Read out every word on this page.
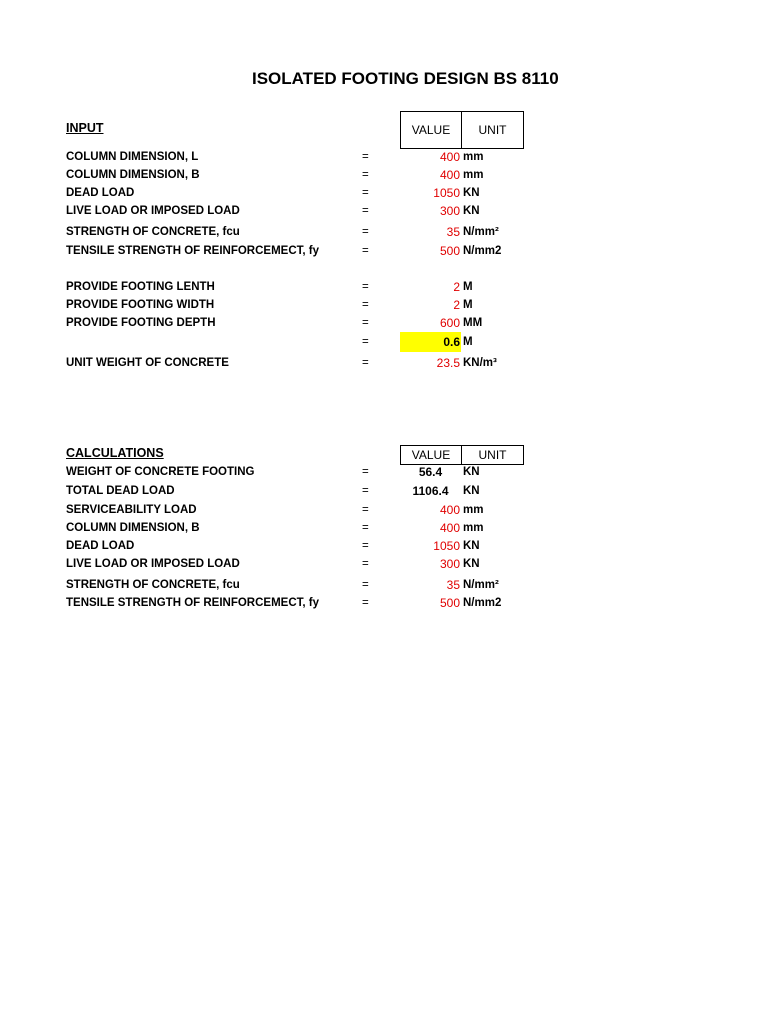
ISOLATED FOOTING DESIGN BS 8110
INPUT	VALUE	UNIT
COLUMN DIMENSION, L	=	400 mm
COLUMN DIMENSION, B	=	400 mm
DEAD LOAD	=	1050 KN
LIVE LOAD OR IMPOSED LOAD	=	300 KN
STRENGTH OF CONCRETE, fcu	=	35 N/mm²
TENSILE STRENGTH OF REINFORCEMECT, fy	=	500 N/mm2
PROVIDE FOOTING LENTH	=	2 M
PROVIDE FOOTING WIDTH	=	2 M
PROVIDE FOOTING DEPTH	=	600 MM
=	0.6 M
UNIT WEIGHT OF CONCRETE	=	23.5 KN/m³
CALCULATIONS	VALUE	UNIT
WEIGHT OF CONCRETE FOOTING	=	56.4	KN
TOTAL DEAD LOAD	=	1106.4	KN
SERVICEABILITY LOAD	=	400 mm
COLUMN DIMENSION, B	=	400 mm
DEAD LOAD	=	1050 KN
LIVE LOAD OR IMPOSED LOAD	=	300 KN
STRENGTH OF CONCRETE, fcu	=	35 N/mm²
TENSILE STRENGTH OF REINFORCEMECT, fy	=	500 N/mm2
